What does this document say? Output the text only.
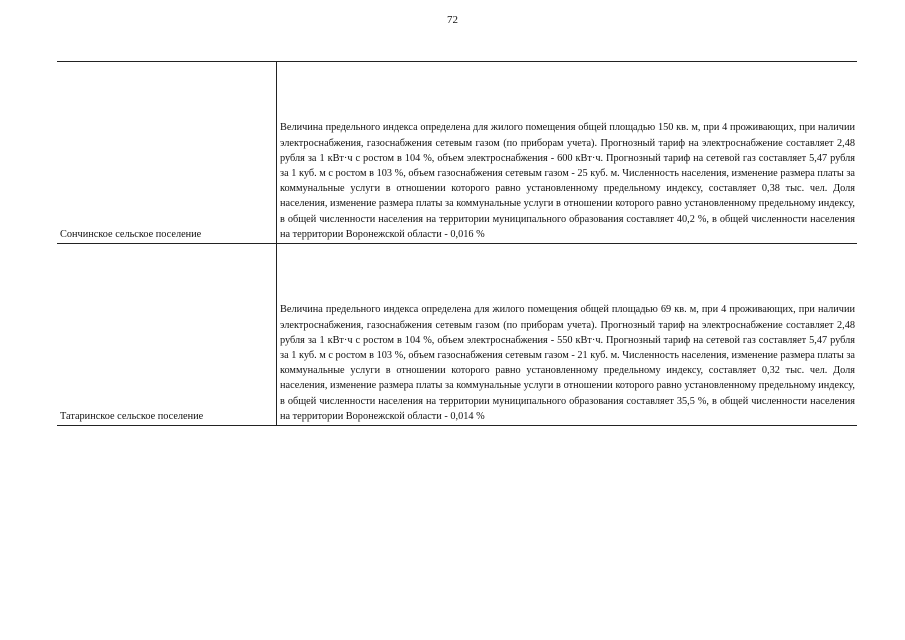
72
Сончинское сельское поселение	Величина предельного индекса определена для жилого помещения общей площадью 150 кв. м, при 4 проживающих, при наличии электроснабжения, газоснабжения сетевым газом (по приборам учета). Прогнозный тариф на электроснабжение составляет 2,48 рубля за 1 кВт·ч с ростом в 104 %, объем электроснабжения - 600 кВт·ч. Прогнозный тариф на сетевой газ составляет 5,47 рубля за 1 куб. м с ростом в 103 %, объем газоснабжения сетевым газом - 25 куб. м. Численность населения, изменение размера платы за коммунальные услуги в отношении которого равно установленному предельному индексу, составляет 0,38 тыс. чел. Доля населения, изменение размера платы за коммунальные услуги в отношении которого равно установленному предельному индексу, в общей численности населения на территории муниципального образования составляет 40,2 %, в общей численности населения на территории Воронежской области - 0,016 %
Татаринское сельское поселение	Величина предельного индекса определена для жилого помещения общей площадью 69 кв. м, при 4 проживающих, при наличии электроснабжения, газоснабжения сетевым газом (по приборам учета). Прогнозный тариф на электроснабжение составляет 2,48 рубля за 1 кВт·ч с ростом в 104 %, объем электроснабжения - 550 кВт·ч. Прогнозный тариф на сетевой газ составляет 5,47 рубля за 1 куб. м с ростом в 103 %, объем газоснабжения сетевым газом - 21 куб. м. Численность населения, изменение размера платы за коммунальные услуги в отношении которого равно установленному предельному индексу, составляет 0,32 тыс. чел. Доля населения, изменение размера платы за коммунальные услуги в отношении которого равно установленному предельному индексу, в общей численности населения на территории муниципального образования составляет 35,5 %, в общей численности населения на территории Воронежской области - 0,014 %
